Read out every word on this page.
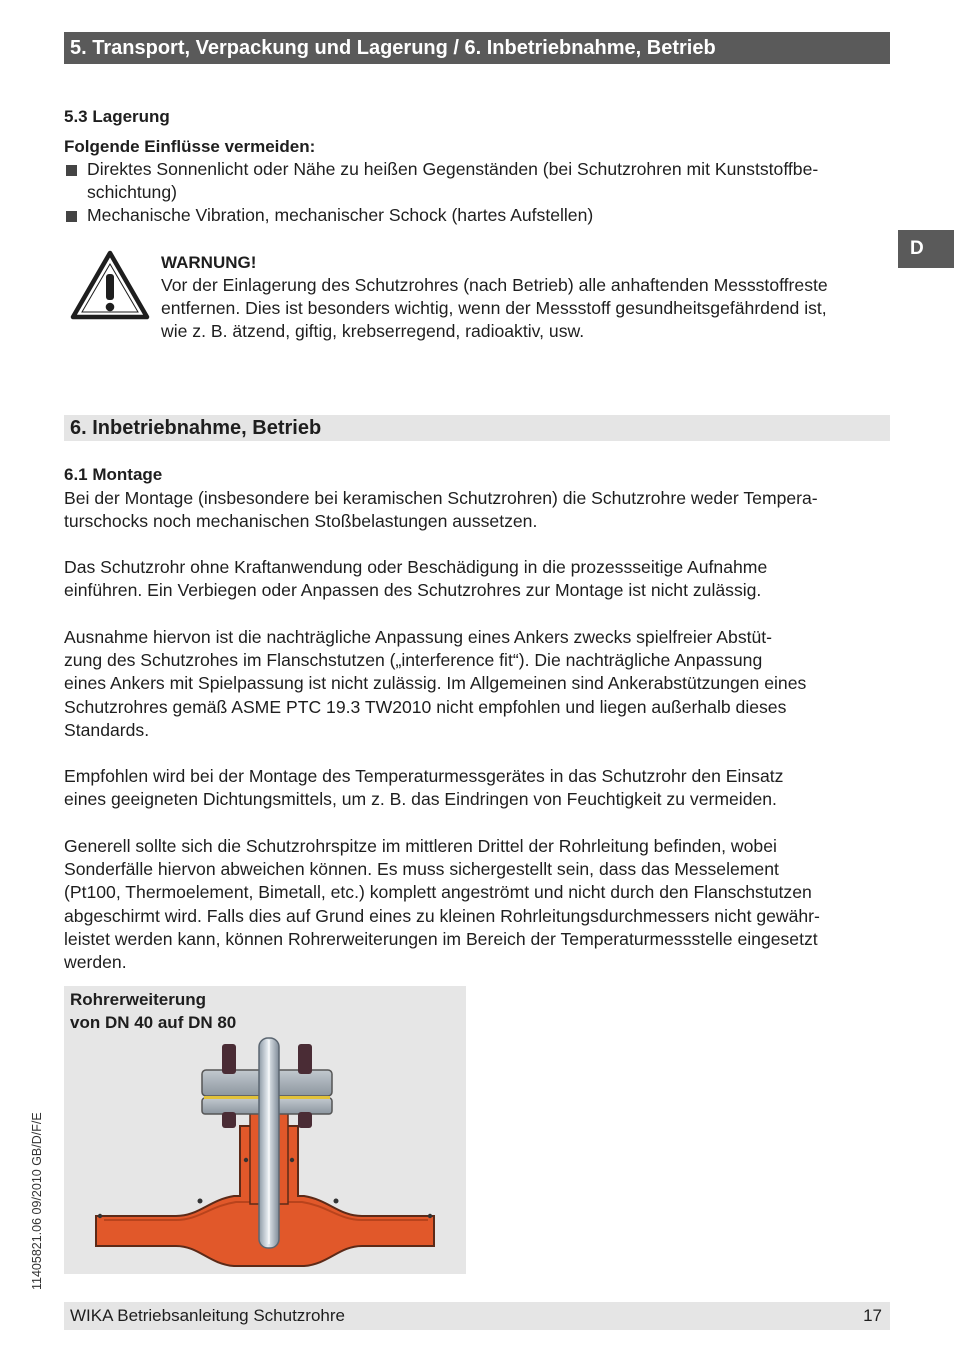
5. Transport, Verpackung und Lagerung / 6. Inbetriebnahme, Betrieb
D
5.3 Lagerung
Folgende Einflüsse vermeiden:
Direktes Sonnenlicht oder Nähe zu heißen Gegenständen (bei Schutzrohren mit Kunststoffbe-
schichtung)
Mechanische Vibration, mechanischer Schock (hartes Aufstellen)
WARNUNG!
Vor der Einlagerung des Schutzrohres (nach Betrieb) alle anhaftenden Messstoffreste
entfernen. Dies ist besonders wichtig, wenn der Messstoff gesundheitsgefährdend ist,
wie z. B. ätzend, giftig, krebserregend, radioaktiv, usw.
6. Inbetriebnahme, Betrieb
6.1 Montage
Bei der Montage (insbesondere bei keramischen Schutzrohren) die Schutzrohre weder Tempera-
turschocks noch mechanischen Stoßbelastungen aussetzen.
Das Schutzrohr ohne Kraftanwendung oder Beschädigung in die prozessseitige Aufnahme
einführen. Ein Verbiegen oder Anpassen des Schutzrohres zur Montage ist nicht zulässig.
Ausnahme hiervon ist die nachträgliche Anpassung eines Ankers zwecks spielfreier Abstüt-
zung des Schutzrohes im Flanschstutzen („interference fit“). Die nachträgliche Anpassung
eines Ankers mit Spielpassung ist nicht zulässig. Im Allgemeinen sind Ankerabstützungen eines
Schutzrohres gemäß ASME PTC 19.3 TW2010 nicht empfohlen und liegen außerhalb dieses
Standards.
Empfohlen wird bei der Montage des Temperaturmessgerätes in das Schutzrohr den Einsatz
eines geeigneten Dichtungsmittels, um z. B. das Eindringen von Feuchtigkeit zu vermeiden.
Generell sollte sich die Schutzrohrspitze im mittleren Drittel der Rohrleitung befinden, wobei
Sonderfälle hiervon abweichen können. Es muss sichergestellt sein, dass das Messelement
(Pt100, Thermoelement, Bimetall, etc.) komplett angeströmt und nicht durch den Flanschstutzen
abgeschirmt wird. Falls dies auf Grund eines zu kleinen Rohrleitungsdurchmessers nicht gewähr-
leistet werden kann, können Rohrerweiterungen im Bereich der Temperaturmessstelle eingesetzt
werden.
Rohrerweiterung
von DN 40 auf DN 80
11405821.06 09/2010 GB/D/F/E
WIKA Betriebsanleitung Schutzrohre	17
